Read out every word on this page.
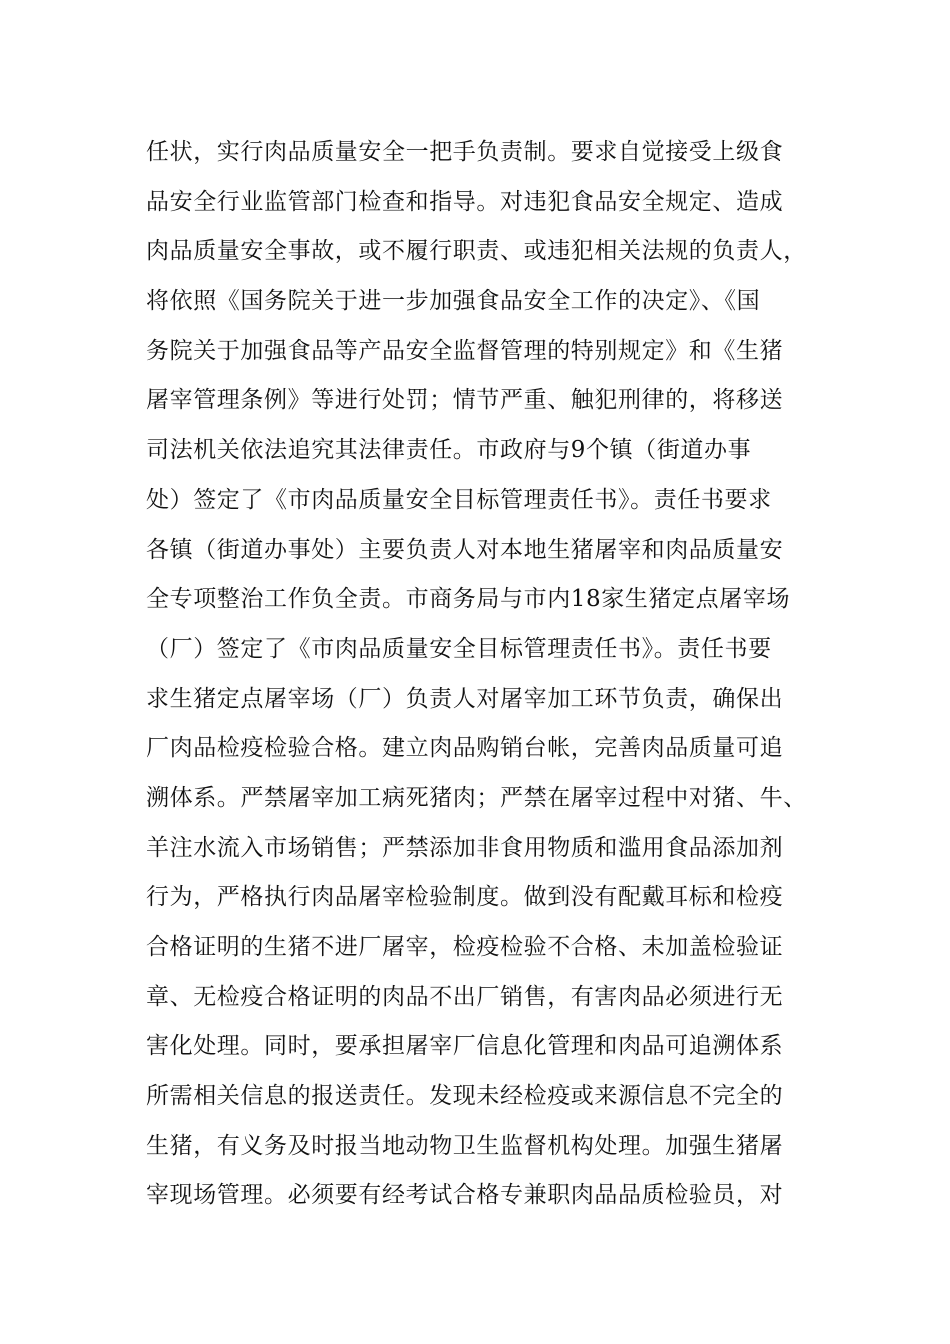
任状，实行肉品质量安全一把手负责制。要求自觉接受上级食
品安全行业监管部门检查和指导。对违犯食品安全规定、造成
肉品质量安全事故，或不履行职责、或违犯相关法规的负责人，
将依照《国务院关于进一步加强食品安全工作的决定》、《国
务院关于加强食品等产品安全监督管理的特别规定》和《生猪
屠宰管理条例》等进行处罚；情节严重、触犯刑律的，将移送
司法机关依法追究其法律责任。市政府与9个镇（街道办事
处）签定了《市肉品质量安全目标管理责任书》。责任书要求
各镇（街道办事处）主要负责人对本地生猪屠宰和肉品质量安
全专项整治工作负全责。市商务局与市内18家生猪定点屠宰场
（厂）签定了《市肉品质量安全目标管理责任书》。责任书要
求生猪定点屠宰场（厂）负责人对屠宰加工环节负责，确保出
厂肉品检疫检验合格。建立肉品购销台帐，完善肉品质量可追
溯体系。严禁屠宰加工病死猪肉；严禁在屠宰过程中对猪、牛、
羊注水流入市场销售；严禁添加非食用物质和滥用食品添加剂
行为，严格执行肉品屠宰检验制度。做到没有配戴耳标和检疫
合格证明的生猪不进厂屠宰，检疫检验不合格、未加盖检验证
章、无检疫合格证明的肉品不出厂销售，有害肉品必须进行无
害化处理。同时，要承担屠宰厂信息化管理和肉品可追溯体系
所需相关信息的报送责任。发现未经检疫或来源信息不完全的
生猪，有义务及时报当地动物卫生监督机构处理。加强生猪屠
宰现场管理。必须要有经考试合格专兼职肉品品质检验员，对
